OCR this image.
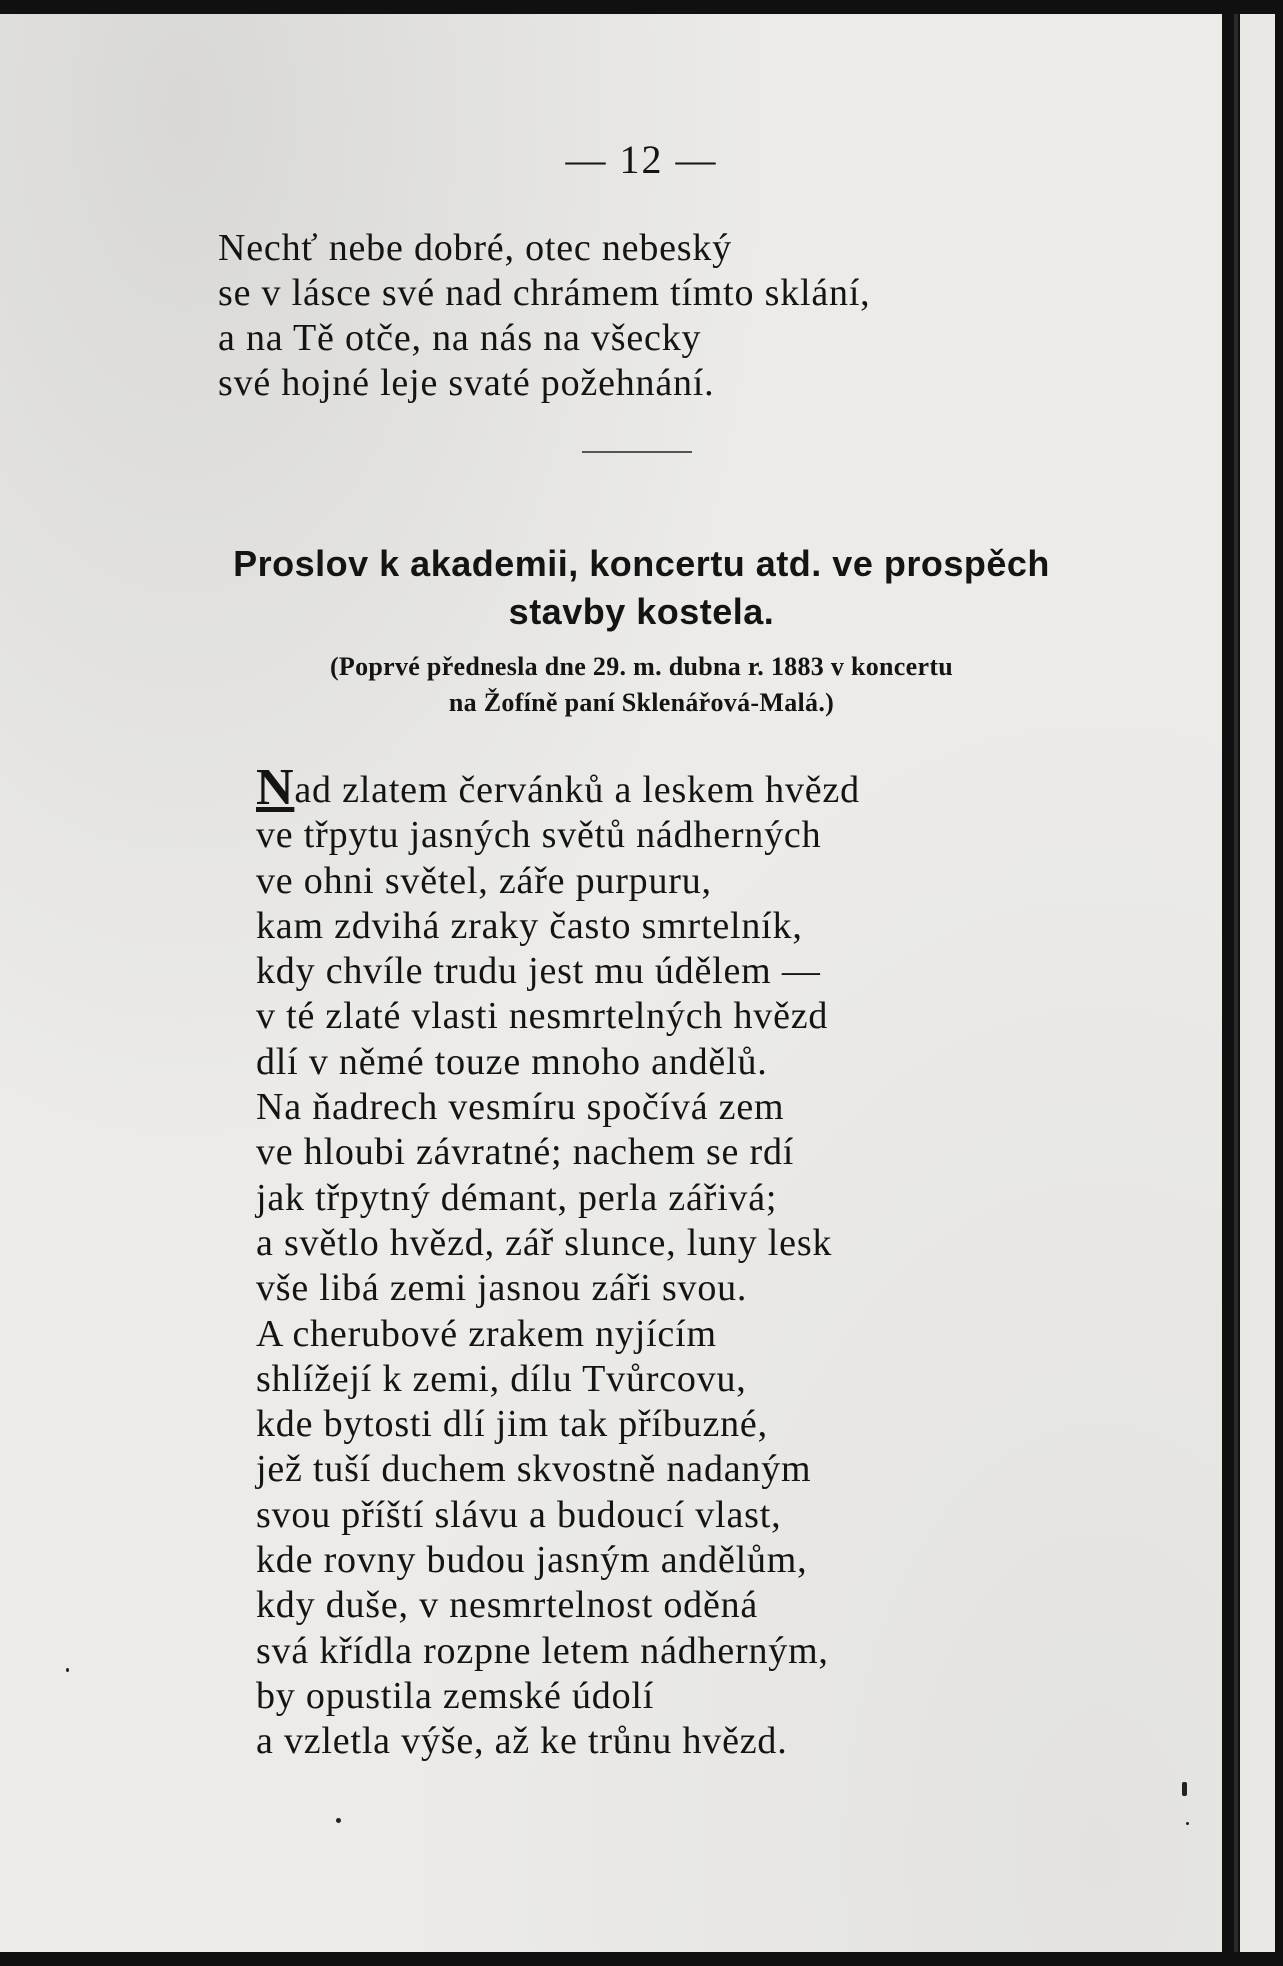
— 12 —
Nechť nebe dobré, otec nebeský
se v lásce své nad chrámem tímto sklání,
a na Tě otče, na nás na všecky
své hojné leje svaté požehnání.
Proslov k akademii, koncertu atd. ve prospěch
stavby kostela.
(Poprvé přednesla dne 29. m. dubna r. 1883 v koncertu
na Žofíně paní Sklenářová-Malá.)
Nad zlatem červánků a leskem hvězd
ve třpytu jasných světů nádherných
ve ohni světel, záře purpuru,
kam zdvihá zraky často smrtelník,
kdy chvíle trudu jest mu údělem —
v té zlaté vlasti nesmrtelných hvězd
dlí v němé touze mnoho andělů.
Na ňadrech vesmíru spočívá zem
ve hloubi závratné; nachem se rdí
jak třpytný démant, perla zářivá;
a světlo hvězd, zář slunce, luny lesk
vše libá zemi jasnou záři svou.
A cherubové zrakem nyjícím
shlížejí k zemi, dílu Tvůrcovu,
kde bytosti dlí jim tak příbuzné,
jež tuší duchem skvostně nadaným
svou příští slávu a budoucí vlast,
kde rovny budou jasným andělům,
kdy duše, v nesmrtelnost oděná
svá křídla rozpne letem nádherným,
by opustila zemské údolí
a vzletla výše, až ke trůnu hvězd.
